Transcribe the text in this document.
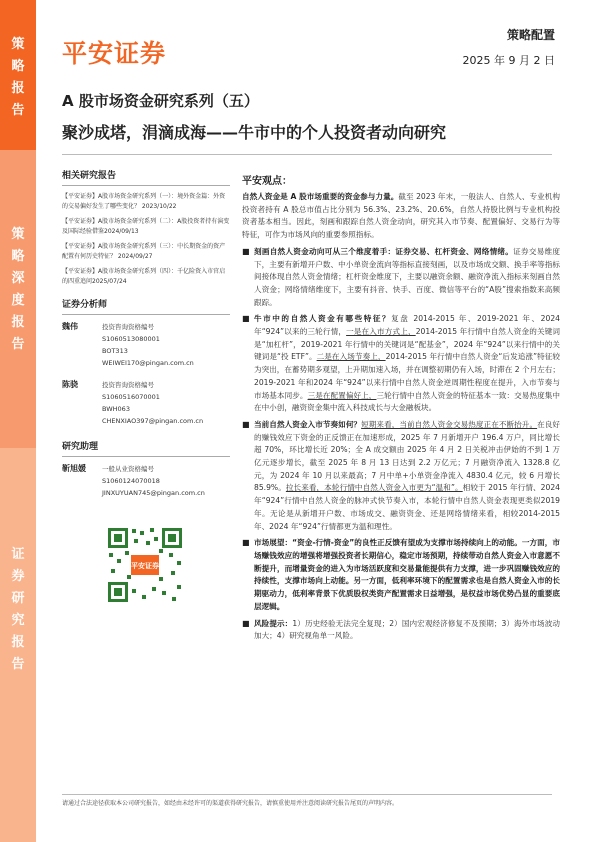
策
略
报
告
策
略
深
度
报
告
证
券
研
究
报
告
平安证券
策略配置
2025 年 9 月 2 日
A 股市场资金研究系列（五）
聚沙成塔，涓滴成海——牛市中的个人投资者动向研究
相关研究报告
【平安证券】A股市场资金研究系列（一）：境外资金篇：外资的交易偏好发生了哪些变化？ 2023/10/22
【平安证券】A股市场资金研究系列（二）：A股投资者持有演变及国际经验借鉴2024/09/13
【平安证券】A股市场资金研究系列（三）：中长期资金的资产配置有何历史特征？ 2024/09/27
【平安证券】A股市场资金研究系列（四）：千亿险资入市官启的四重追问2025/07/24
证券分析师
魏伟	投资咨询资格编号
S1060513080001
BOT313
WEIWEI170@pingan.com.cn
陈骁	投资咨询资格编号
S1060516070001
BWH063
CHENXIAO397@pingan.com.cn
研究助理
靳旭媛 一般从业资格编号
S1060124070018
JINXUYUAN745@pingan.com.cn
平安证券
平安观点：
自然人资金是 A 股市场重要的资金参与力量。截至 2023 年末，一般法人、自然人、专业机构投资者持有 A 股总市值占比分别为 56.3%、23.2%、20.6%，自然人持股比例与专业机构投资者基本相当。因此，刻画和跟踪自然人资金动向，研究其入市节奏、配置偏好、交易行为等特征，可作为市场风向的重要参照指标。
■ 刻画自然人资金动向可从三个维度着手：证券交易、杠杆资金、网络情绪。证券交易维度下，主要有新增开户数、中小单资金流向等指标直接刻画，以及市场成交额、换手率等指标间接体现自然人资金情绪；杠杆资金维度下，主要以融资余额、融资净流入指标来刻画自然人资金；网络情绪维度下，主要有抖音、快手、百度、微信等平台的“A股”搜索指数来高频跟踪。
■ 牛市中的自然人资金有哪些特征？复盘 2014-2015 年、2019-2021 年、2024 年“924”以来的三轮行情，一是在入市方式上，2014-2015 年行情中自然人资金的关键词是“加杠杆”，2019-2021 年行情中的关键词是“配基金”，2024 年“924”以来行情中的关键词是“投 ETF”。二是在入场节奏上，2014-2015 年行情中自然人资金“后发追涨”特征较为突出，在蓄势期多观望，上升期加速入场，并在调整初期仍有入场，时滞在 2 个月左右；2019-2021 年和2024 年“924”以来行情中自然人资金逆周期性程度在提升，入市节奏与市场基本同步。三是在配置偏好上，三轮行情中自然人资金的特征基本一致：交易热度集中在中小创，融资资金集中流入科技成长与大金融板块。
■ 当前自然人资金入市节奏如何？短期来看，当前自然人资金交易热度正在不断抬升。在良好的赚钱效应下资金的正反馈正在加速形成，2025 年 7 月新增开户 196.4 万户，同比增长超 70%，环比增长近 20%；全 A 成交额由 2025 年 4 月 2 日关税冲击伊始的不到 1 万亿元逐步增长，截至 2025 年 8 月 13 日达到 2.2 万亿元；7 月融资净流入 1328.8 亿元，为 2024 年 10 月以来最高；7 月中单+小单资金净流入 4830.4 亿元，较 6 月增长 85.9%。拉长来看，本轮行情中自然人资金入市更为“温和”。相较于 2015 年行情、2024 年“924”行情中自然人资金的脉冲式快节奏入市，本轮行情中自然人资金表现更类似2019年。无论是从新增开户数、市场成交、融资资金、还是网络情绪来看，相较2014-2015 年、2024 年“924”行情都更为温和理性。
■ 市场展望：“资金-行情-资金”的良性正反馈有望成为支撑市场持续向上的动能。一方面，市场赚钱效应的增强将增强投资者长期信心，稳定市场预期，持续带动自然人资金入市意愿不断提升，而增量资金的进入为市场活跃度和交易量能提供有力支撑，进一步巩固赚钱效应的持续性，支撑市场向上动能。另一方面，低利率环境下的配置需求也是自然人资金入市的长期驱动力，低利率背景下优质股权类资产配置需求日益增强，是权益市场优势凸显的重要底层逻辑。
■ 风险提示：1）历史经验无法完全复现；2）国内宏观经济修复不及预期；3）海外市场波动加大；4）研究视角单一风险。
请通过合法途径获取本公司研究报告，如经由未经许可的渠道获得研究报告，请慎重使用并注意阅读研究报告尾页的声明内容。
